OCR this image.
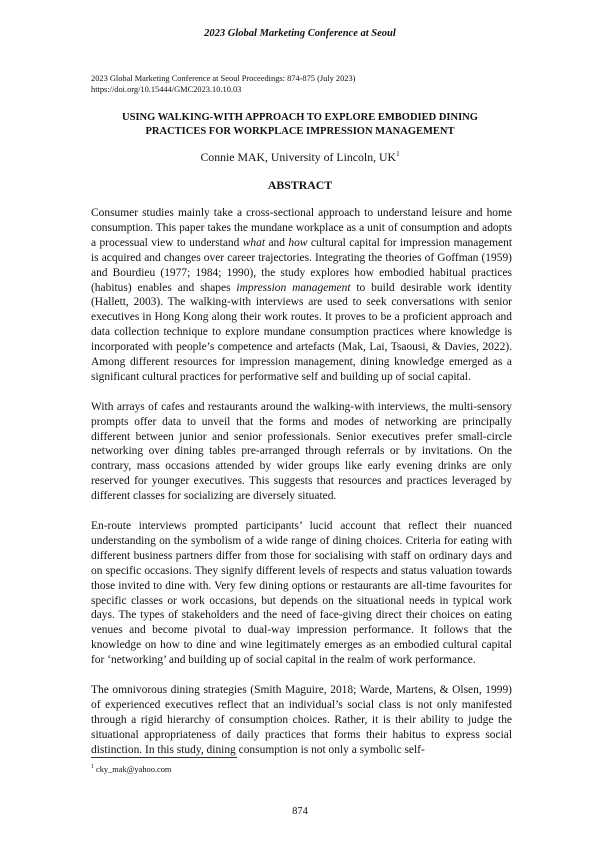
2023 Global Marketing Conference at Seoul
2023 Global Marketing Conference at Seoul Proceedings: 874-875 (July 2023)
https://doi.org/10.15444/GMC2023.10.10.03
USING WALKING-WITH APPROACH TO EXPLORE EMBODIED DINING
PRACTICES FOR WORKPLACE IMPRESSION MANAGEMENT
Connie MAK, University of Lincoln, $UK^1$
ABSTRACT

Consumer studies mainly take a cross-sectional approach to understand leisure and home consumption. This paper takes the mundane workplace as a unit of consumption and adopts a processual view to understand what and how cultural capital for impression management is acquired and changes over career trajectories. Integrating the theories of Goffman (1959) and Bourdieu (1977; 1984; 1990), the study explores how embodied habitual practices (habitus) enables and shapes impression management to build desirable work identity (Hallett, 2003). The walking-with interviews are used to seek conversations with senior executives in Hong Kong along their work routes. It proves to be a proficient approach and data collection technique to explore mundane consumption practices where knowledge is incorporated with people’s competence and artefacts (Mak, Lai, Tsaousi, & Davies, 2022). Among different resources for impression management, dining knowledge emerged as a significant cultural practices for performative self and building up of social capital.

With arrays of cafes and restaurants around the walking-with interviews, the multi-sensory prompts offer data to unveil that the forms and modes of networking are principally different between junior and senior professionals. Senior executives prefer small-circle networking over dining tables pre-arranged through referrals or by invitations. On the contrary, mass occasions attended by wider groups like early evening drinks are only reserved for younger executives. This suggests that resources and practices leveraged by different classes for socializing are diversely situated.

En-route interviews prompted participants’ lucid account that reflect their nuanced understanding on the symbolism of a wide range of dining choices. Criteria for eating with different business partners differ from those for socialising with staff on ordinary days and on specific occasions. They signify different levels of respects and status valuation towards those invited to dine with. Very few dining options or restaurants are all-time favourites for specific classes or work occasions, but depends on the situational needs in typical work days. The types of stakeholders and the need of face-giving direct their choices on eating venues and become pivotal to dual-way impression performance. It follows that the knowledge on how to dine and wine legitimately emerges as an embodied cultural capital for ‘networking’ and building up of social capital in the realm of work performance.

The omnivorous dining strategies (Smith Maguire, 2018; Warde, Martens, & Olsen, 1999) of experienced executives reflect that an individual’s social class is not only manifested through a rigid hierarchy of consumption choices. Rather, it is their ability to judge the situational appropriateness of daily practices that forms their habitus to express social distinction. In this study, dining consumption is not only a symbolic self-

$^1$ cky_mak@yahoo.com
874
